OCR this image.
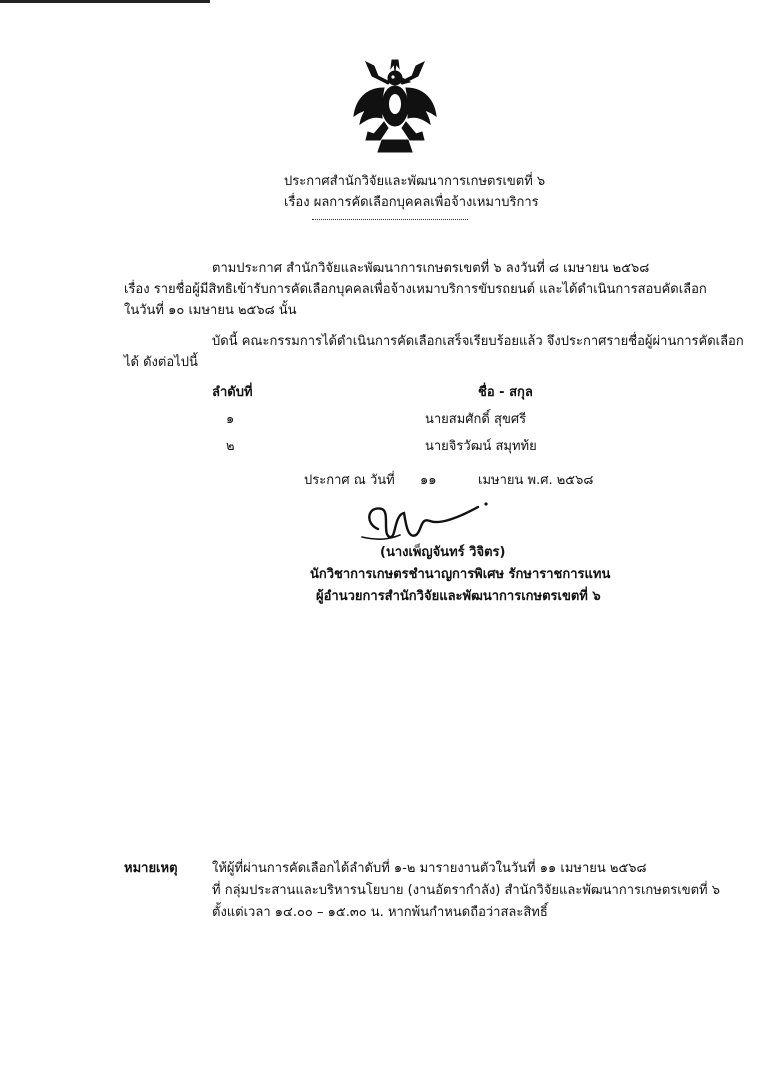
ประกาศสำนักวิจัยและพัฒนาการเกษตรเขตที่ ๖
เรื่อง ผลการคัดเลือกบุคคลเพื่อจ้างเหมาบริการ
ตามประกาศ สำนักวิจัยและพัฒนาการเกษตรเขตที่ ๖ ลงวันที่ ๘ เมษายน ๒๕๖๘
เรื่อง รายชื่อผู้มีสิทธิเข้ารับการคัดเลือกบุคคลเพื่อจ้างเหมาบริการขับรถยนต์ และได้ดำเนินการสอบคัดเลือก
ในวันที่ ๑๐ เมษายน ๒๕๖๘ นั้น
บัดนี้ คณะกรรมการได้ดำเนินการคัดเลือกเสร็จเรียบร้อยแล้ว จึงประกาศรายชื่อผู้ผ่านการคัดเลือก
ได้ ดังต่อไปนี้
ลำดับที่	ชื่อ - สกุล
๑	นายสมศักดิ์ สุขศรี
๒	นายจิรวัฒน์ สมุทท้ย
ประกาศ ณ วันที่ ๑๑	เมษายน พ.ศ. ๒๕๖๘
(นางเพ็ญจันทร์ วิจิตร)
นักวิชาการเกษตรชำนาญการพิเศษ รักษาราชการแทน
ผู้อำนวยการสำนักวิจัยและพัฒนาการเกษตรเขตที่ ๖
หมายเหตุ	ให้ผู้ที่ผ่านการคัดเลือกได้ลำดับที่ ๑-๒ มารายงานตัวในวันที่ ๑๑ เมษายน ๒๕๖๘
ที่ กลุ่มประสานและบริหารนโยบาย (งานอัตรากำลัง) สำนักวิจัยและพัฒนาการเกษตรเขตที่ ๖
ตั้งแต่เวลา ๑๔.๐๐ – ๑๕.๓๐ น. หากพ้นกำหนดถือว่าสละสิทธิ์
